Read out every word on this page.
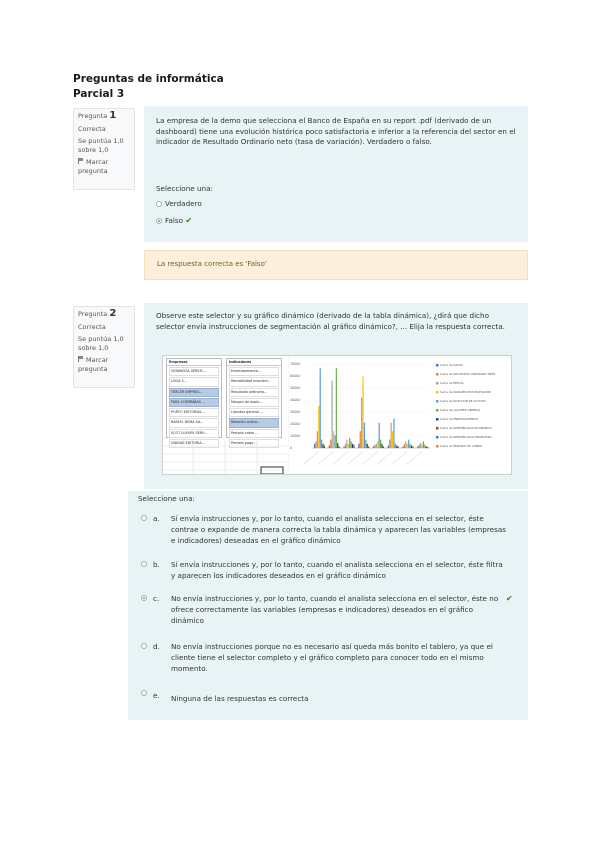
Preguntas de informática
Parcial 3

Pregunta 1

Correcta

Se puntúa 1,0 sobre 1,0

Marcar pregunta

La empresa de la demo que selecciona el Banco de España en su report .pdf (derivado de un dashboard) tiene una evolución histórica poco satisfactoria e inferior a la referencia del sector en el indicador de Resultado Ordinario neto (tasa de variación). Verdadero o falso.
Seleccione una:
Verdadero
Falso ✔
La respuesta correcta es 'Falso'

Pregunta 2

Correcta

Se puntúa 1,0 sobre 1,0

Marcar pregunta

Observe este selector y su gráfico dinámico (derivado de la tabla dinámica), ¿dirá que dicho selector envía instrucciones de segmentación al gráfico dinámico?, ... Elija la respuesta correcta.
Empresas
VERANOSA SERVIC...
LOGA S...
TERCER EMPRES...
PARA COMPAÑÍAS ...
PORTO EDITORIAL...
RAFAEL DEMA SA...
SCOT LUXURY SERV...
UNIDAD EDITORIA...
Indicadores
Endeudamiento...
Rentabilidad económi...
Resultado ordinario...
Margen de explo...
Liquidez general ...
Rotación activo...
Periodo cobro ...
Periodo pago ...
70000
60000
50000
40000
30000
20000
10000
0
———————
———————
———————
———————
———————
———————
———————
———————
Suma de DATOS
Suma de RESULTADO ORDINARIO NETO
Suma de EBITDA
Suma de MARGEN DE EXPLOTACIÓN
Suma de ROTACIÓN DE ACTIVOS
Suma de LIQUIDEZ GENERAL
Suma de ENDEUDAMIENTO
Suma de RENTABILIDAD ECONÓMICA
Suma de RENTABILIDAD FINANCIERA
Suma de PERIODO DE COBRO
Seleccione una:
a. Sí envía instrucciones y, por lo tanto, cuando el analista selecciona en el selector, éste contrae o expande de manera correcta la tabla dinámica y aparecen las variables (empresas e indicadores) deseadas en el gráfico dinámico
b. Sí envía instrucciones y, por lo tanto, cuando el analista selecciona en el selector, éste filtra y aparecen los indicadores deseados en el gráfico dinámico
c. No envía instrucciones y, por lo tanto, cuando el analista selecciona en el selector, éste no ofrece correctamente las variables (empresas e indicadores) deseados en el gráfico dinámico
✔
d. No envía instrucciones porque no es necesario así queda más bonito el tablero, ya que el cliente tiene el selector completo y el gráfico completo para conocer todo en el mismo momento.
e. Ninguna de las respuestas es correcta
